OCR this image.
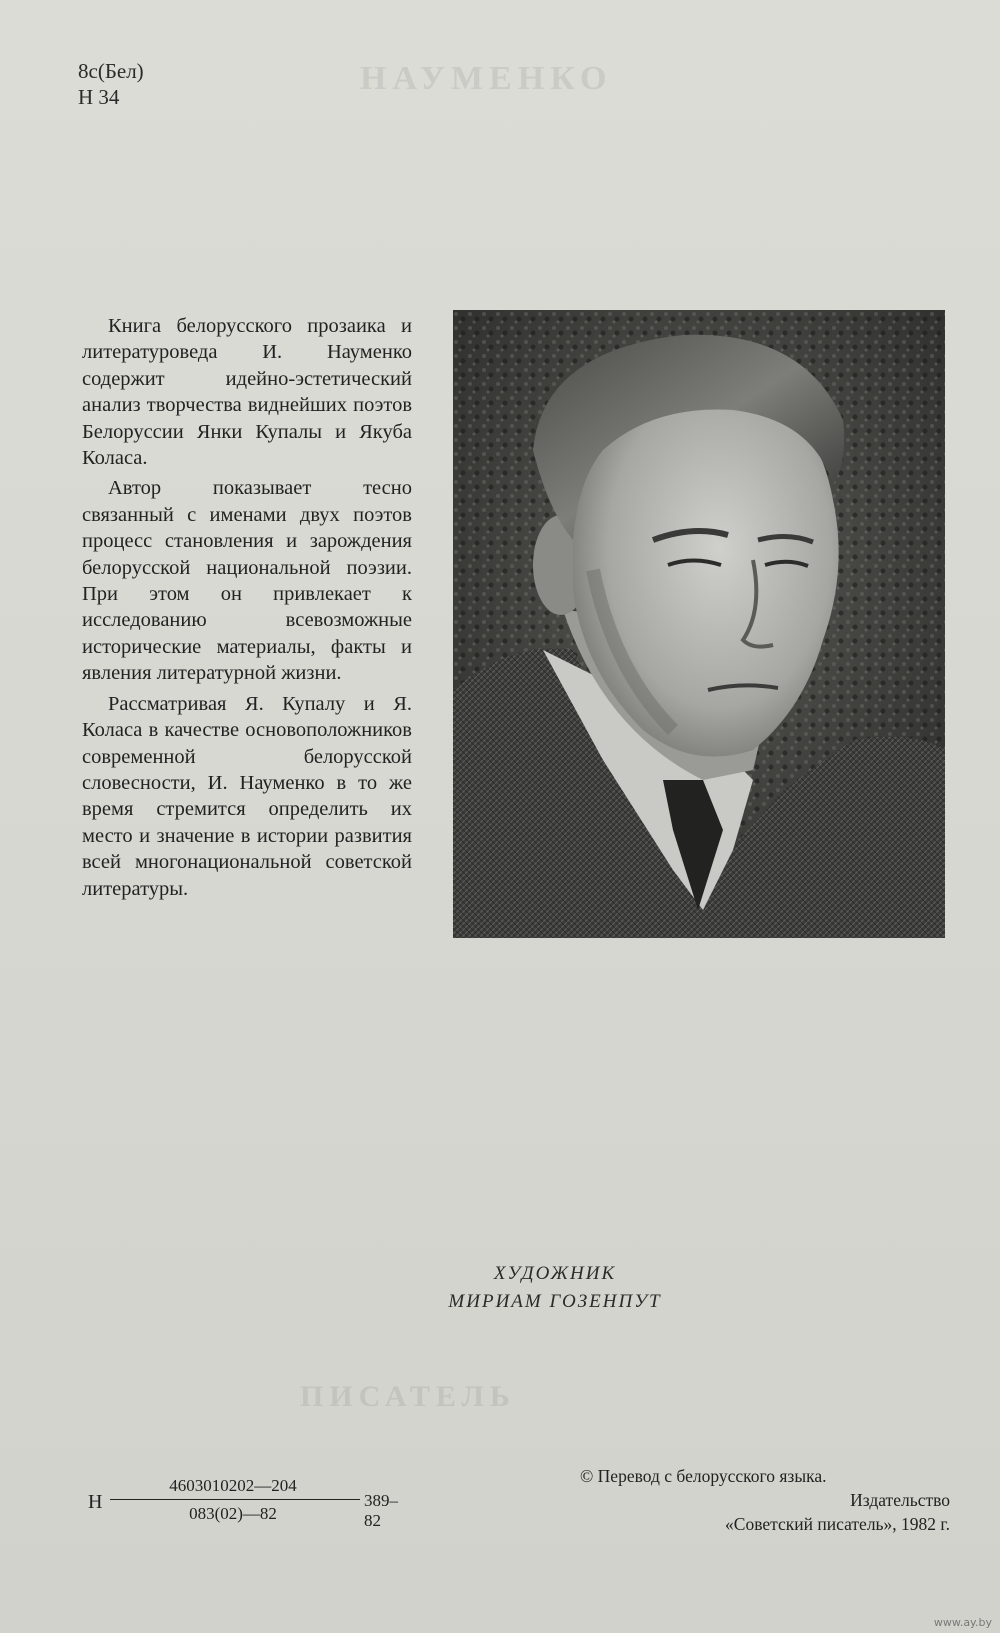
НАУМЕНКО
ПИСАТЕЛЬ
8с(Бел)
Н 34

Книга белорусского прозаика и литературоведа И. Науменко содержит идейно-эстетический анализ творчества виднейших поэтов Белоруссии Янки Купалы и Якуба Коласа.

Автор показывает тесно связанный с именами двух поэтов процесс становления и зарождения белорусской национальной поэзии. При этом он привлекает к исследованию всевозможные исторические материалы, факты и явления литературной жизни.

Рассматривая Я. Купалу и Я. Коласа в качестве основоположников современной белорусской словесности, И. Науменко в то же время стремится определить их место и значение в истории развития всей многонациональной советской литературы.

ХУДОЖНИК
МИРИАМ ГОЗЕНПУТ
Н
4603010202—204
083(02)—82
389–82
© Перевод с белорусского языка.
Издательство
«Советский писатель», 1982 г.
www.ay.by
